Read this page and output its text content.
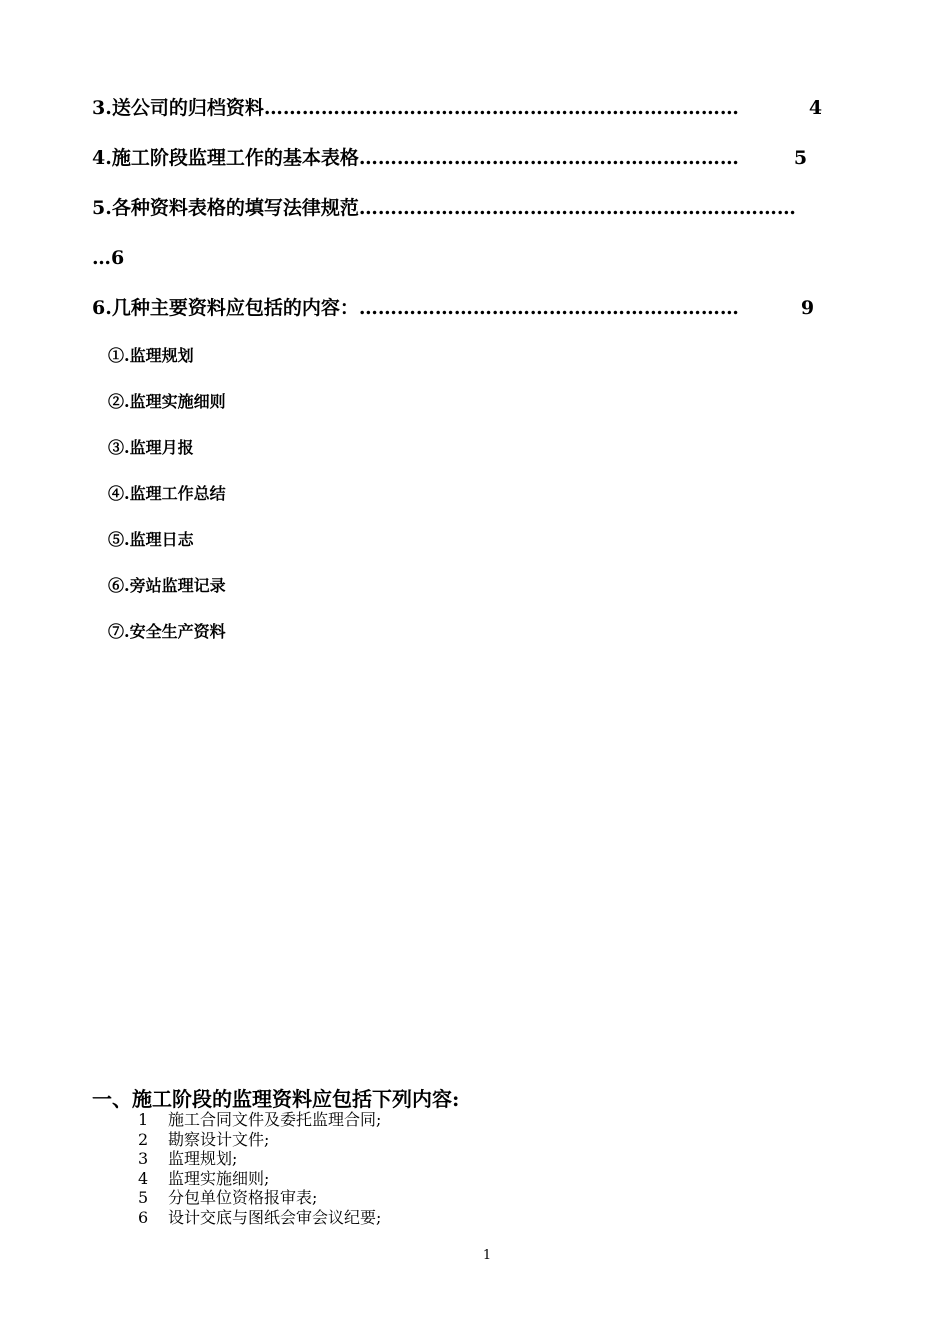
3.送公司的归档资料…………………………………………………………………	4
4.施工阶段监理工作的基本表格……………………………………………………	5
5.各种资料表格的填写法律规范……………………………………………………………
…6
6.几种主要资料应包括的内容：……………………………………………………	9
①.监理规划
②.监理实施细则
③.监理月报
④.监理工作总结
⑤.监理日志
⑥.旁站监理记录
⑦.安全生产资料
一、施工阶段的监理资料应包括下列内容:
1 施工合同文件及委托监理合同;
2 勘察设计文件;
3 监理规划;
4 监理实施细则;
5 分包单位资格报审表;
6 设计交底与图纸会审会议纪要;
1
